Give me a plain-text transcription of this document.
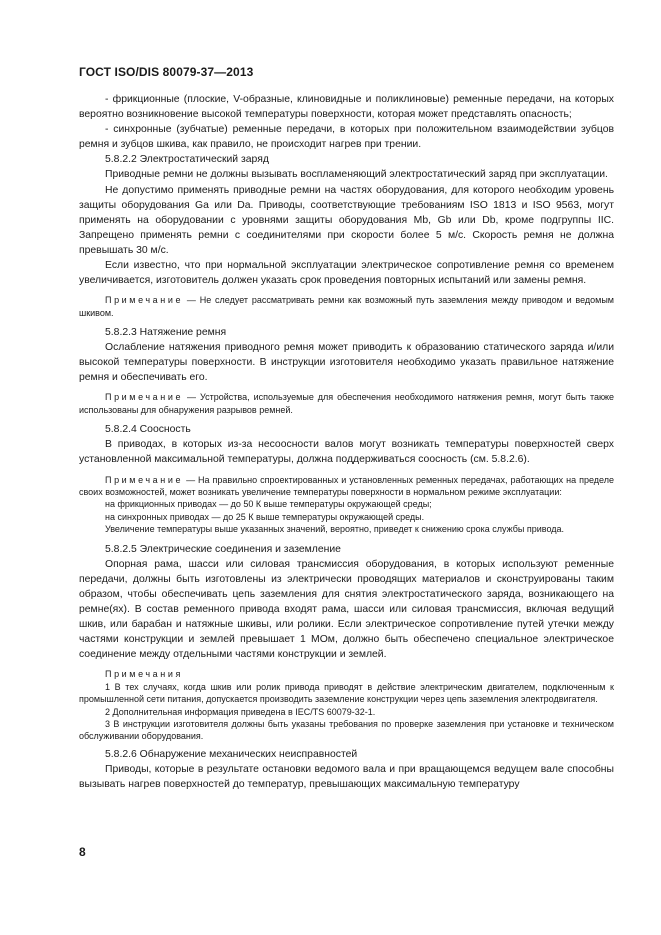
ГОСТ ISO/DIS 80079-37—2013

- фрикционные (плоские, V-образные, клиновидные и поликлиновые) ременные передачи, на которых вероятно возникновение высокой температуры поверхности, которая может представлять опасность;

- синхронные (зубчатые) ременные передачи, в которых при положительном взаимодействии зубцов ремня и зубцов шкива, как правило, не происходит нагрев при трении.

5.8.2.2 Электростатический заряд

Приводные ремни не должны вызывать воспламеняющий электростатический заряд при эксплуатации.

Не допустимо применять приводные ремни на частях оборудования, для которого необходим уровень защиты оборудования Ga или Da. Приводы, соответствующие требованиям ISO 1813 и ISO 9563, могут применять на оборудовании с уровнями защиты оборудования Mb, Gb или Db, кроме подгруппы IIC. Запрещено применять ремни с соединителями при скорости более 5 м/с. Скорость ремня не должна превышать 30 м/с.

Если известно, что при нормальной эксплуатации электрическое сопротивление ремня со временем увеличивается, изготовитель должен указать срок проведения повторных испытаний или замены ремня.

Примечание — Не следует рассматривать ремни как возможный путь заземления между приводом и ведомым шкивом.

5.8.2.3 Натяжение ремня

Ослабление натяжения приводного ремня может приводить к образованию статического заряда и/или высокой температуры поверхности. В инструкции изготовителя необходимо указать правильное натяжение ремня и обеспечивать его.

Примечание — Устройства, используемые для обеспечения необходимого натяжения ремня, могут быть также использованы для обнаружения разрывов ремней.

5.8.2.4 Соосность

В приводах, в которых из-за несоосности валов могут возникать температуры поверхностей сверх установленной максимальной температуры, должна поддерживаться соосность (см. 5.8.2.6).

Примечание — На правильно спроектированных и установленных ременных передачах, работающих на пределе своих возможностей, может возникать увеличение температуры поверхности в нормальном режиме эксплуатации:

на фрикционных приводах — до 50 К выше температуры окружающей среды;

на синхронных приводах — до 25 К выше температуры окружающей среды.

Увеличение температуры выше указанных значений, вероятно, приведет к снижению срока службы привода.

5.8.2.5 Электрические соединения и заземление

Опорная рама, шасси или силовая трансмиссия оборудования, в которых используют ременные передачи, должны быть изготовлены из электрически проводящих материалов и сконструированы таким образом, чтобы обеспечивать цепь заземления для снятия электростатического заряда, возникающего на ремне(ях). В состав ременного привода входят рама, шасси или силовая трансмиссия, включая ведущий шкив, или барабан и натяжные шкивы, или ролики. Если электрическое сопротивление путей утечки между частями конструкции и землей превышает 1 МОм, должно быть обеспечено специальное электрическое соединение между отдельными частями конструкции и землей.

Примечания

1 В тех случаях, когда шкив или ролик привода приводят в действие электрическим двигателем, подключенным к промышленной сети питания, допускается производить заземление конструкции через цепь заземления электродвигателя.

2 Дополнительная информация приведена в IEC/TS 60079-32-1.

3 В инструкции изготовителя должны быть указаны требования по проверке заземления при установке и техническом обслуживании оборудования.

5.8.2.6 Обнаружение механических неисправностей

Приводы, которые в результате остановки ведомого вала и при вращающемся ведущем вале способны вызывать нагрев поверхностей до температур, превышающих максимальную температуру

8
